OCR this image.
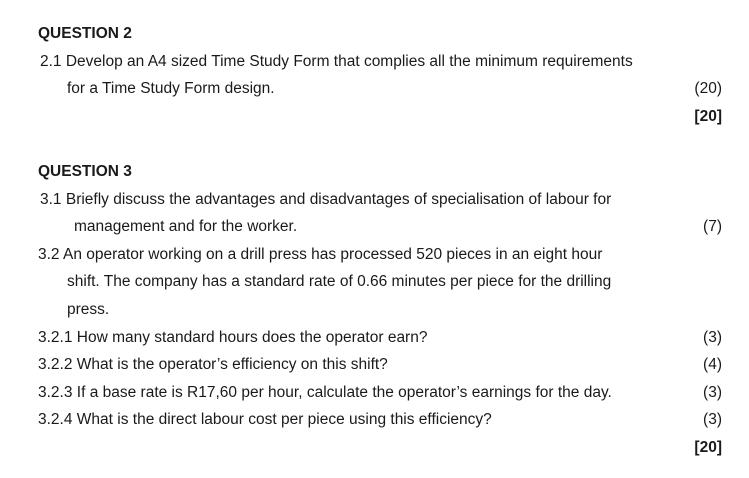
QUESTION 2
2.1 Develop an A4 sized Time Study Form that complies all the minimum requirements
for a Time Study Form design.	(20)
[20]
QUESTION 3
3.1 Briefly discuss the advantages and disadvantages of specialisation of labour for
management and for the worker.	(7)
3.2 An operator working on a drill press has processed 520 pieces in an eight hour
shift. The company has a standard rate of 0.66 minutes per piece for the drilling
press.
3.2.1 How many standard hours does the operator earn?	(3)
3.2.2 What is the operator’s efficiency on this shift?	(4)
3.2.3 If a base rate is R17,60 per hour, calculate the operator’s earnings for the day.	(3)
3.2.4 What is the direct labour cost per piece using this efficiency?	(3)
[20]
